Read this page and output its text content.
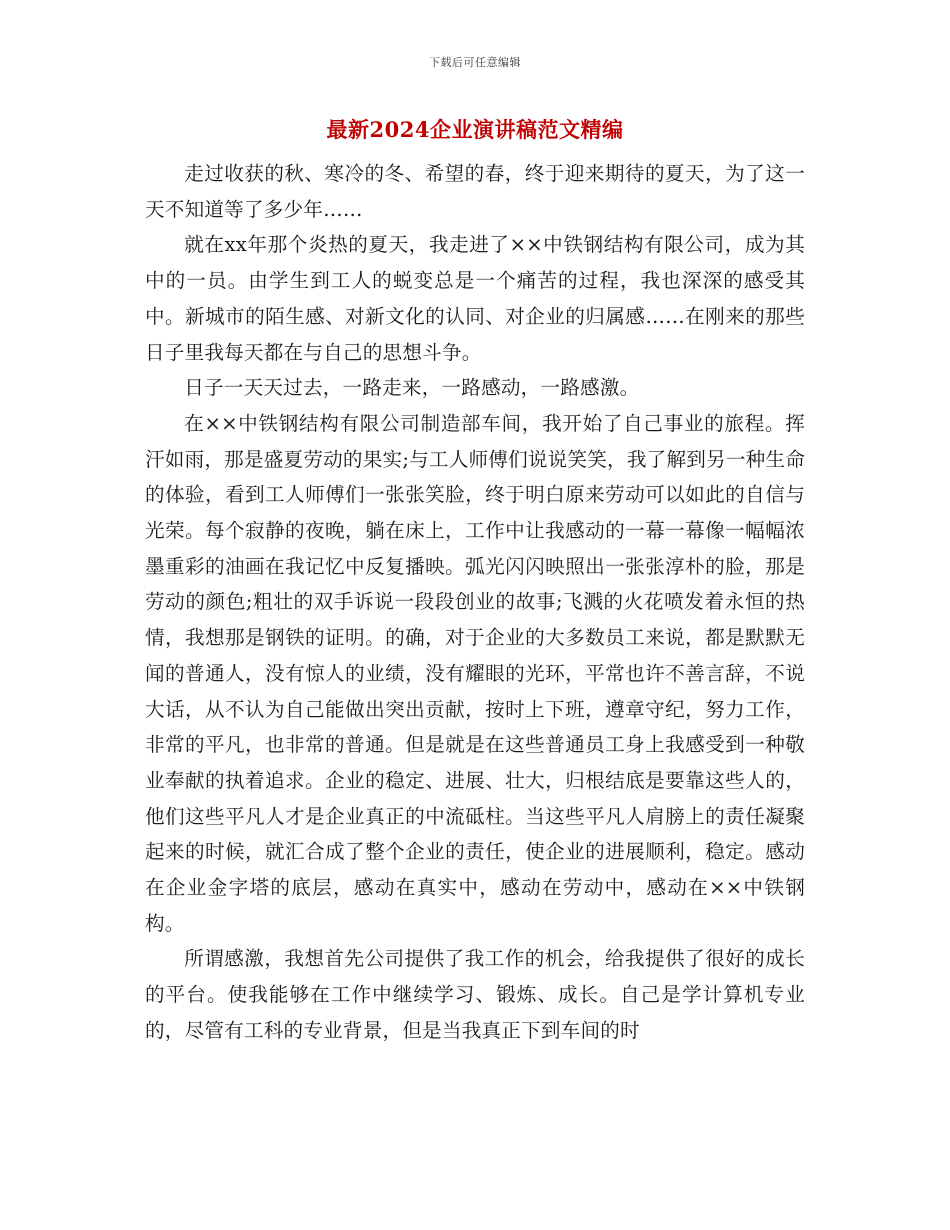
下载后可任意编辑
最新2024企业演讲稿范文精编

走过收获的秋、寒冷的冬、希望的春，终于迎来期待的夏天，为了这一天不知道等了多少年……

就在xx年那个炎热的夏天，我走进了××中铁钢结构有限公司，成为其中的一员。由学生到工人的蜕变总是一个痛苦的过程，我也深深的感受其中。新城市的陌生感、对新文化的认同、对企业的归属感……在刚来的那些日子里我每天都在与自己的思想斗争。

日子一天天过去，一路走来，一路感动，一路感激。

在××中铁钢结构有限公司制造部车间，我开始了自己事业的旅程。挥汗如雨，那是盛夏劳动的果实;与工人师傅们说说笑笑，我了解到另一种生命的体验，看到工人师傅们一张张笑脸，终于明白原来劳动可以如此的自信与光荣。每个寂静的夜晚，躺在床上，工作中让我感动的一幕一幕像一幅幅浓墨重彩的油画在我记忆中反复播映。弧光闪闪映照出一张张淳朴的脸，那是劳动的颜色;粗壮的双手诉说一段段创业的故事;飞溅的火花喷发着永恒的热情，我想那是钢铁的证明。的确，对于企业的大多数员工来说，都是默默无闻的普通人，没有惊人的业绩，没有耀眼的光环，平常也许不善言辞，不说大话，从不认为自己能做出突出贡献，按时上下班，遵章守纪，努力工作，非常的平凡，也非常的普通。但是就是在这些普通员工身上我感受到一种敬业奉献的执着追求。企业的稳定、进展、壮大，归根结底是要靠这些人的，他们这些平凡人才是企业真正的中流砥柱。当这些平凡人肩膀上的责任凝聚起来的时候，就汇合成了整个企业的责任，使企业的进展顺利，稳定。感动在企业金字塔的底层，感动在真实中，感动在劳动中，感动在××中铁钢构。

所谓感激，我想首先公司提供了我工作的机会，给我提供了很好的成长的平台。使我能够在工作中继续学习、锻炼、成长。自己是学计算机专业的，尽管有工科的专业背景，但是当我真正下到车间的时
